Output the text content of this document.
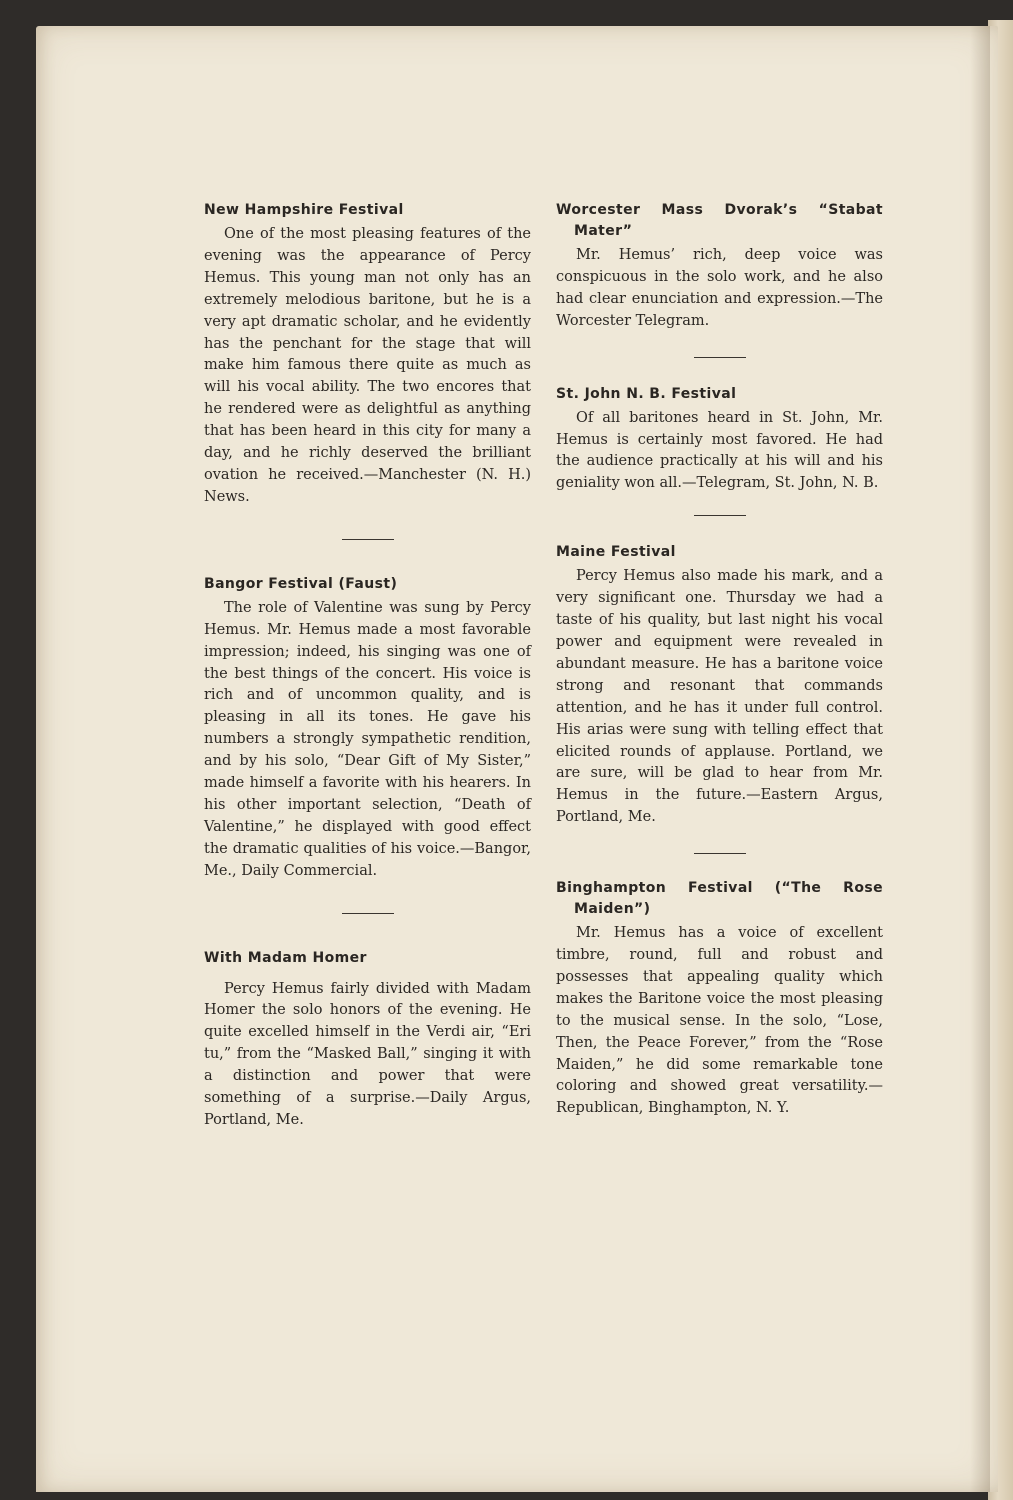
New Hampshire Festival

One of the most pleasing features of the evening was the appearance of Percy Hemus. This young man not only has an extremely melodious baritone, but he is a very apt dramatic scholar, and he evidently has the penchant for the stage that will make him famous there quite as much as will his vocal ability. The two encores that he rendered were as delightful as anything that has been heard in this city for many a day, and he richly deserved the brilliant ovation he received.—Manchester (N. H.) News.

Bangor Festival (Faust)

The role of Valentine was sung by Percy Hemus. Mr. Hemus made a most favorable impression; indeed, his singing was one of the best things of the concert. His voice is rich and of uncommon quality, and is pleasing in all its tones. He gave his numbers a strongly sympathetic rendition, and by his solo, “Dear Gift of My Sister,” made himself a favorite with his hearers. In his other important selection, “Death of Valentine,” he displayed with good effect the dramatic qualities of his voice.—Bangor, Me., Daily Commercial.

With Madam Homer

Percy Hemus fairly divided with Madam Homer the solo honors of the evening. He quite excelled himself in the Verdi air, “Eri tu,” from the “Masked Ball,” singing it with a distinction and power that were something of a surprise.—Daily Argus, Portland, Me.

Worcester Mass Dvorak’s “Stabat Mater”

Mr. Hemus’ rich, deep voice was conspicuous in the solo work, and he also had clear enunciation and expression.—The Worcester Telegram.

St. John N. B. Festival

Of all baritones heard in St. John, Mr. Hemus is certainly most favored. He had the audience practically at his will and his geniality won all.—Telegram, St. John, N. B.

Maine Festival

Percy Hemus also made his mark, and a very significant one. Thursday we had a taste of his quality, but last night his vocal power and equipment were revealed in abundant measure. He has a baritone voice strong and resonant that commands attention, and he has it under full control. His arias were sung with telling effect that elicited rounds of applause. Portland, we are sure, will be glad to hear from Mr. Hemus in the future.—Eastern Argus, Portland, Me.

Binghampton Festival (“The Rose Maiden”)

Mr. Hemus has a voice of excellent timbre, round, full and robust and possesses that appealing quality which makes the Baritone voice the most pleasing to the musical sense. In the solo, “Lose, Then, the Peace Forever,” from the “Rose Maiden,” he did some remarkable tone coloring and showed great versatility.—Republican, Binghampton, N. Y.
